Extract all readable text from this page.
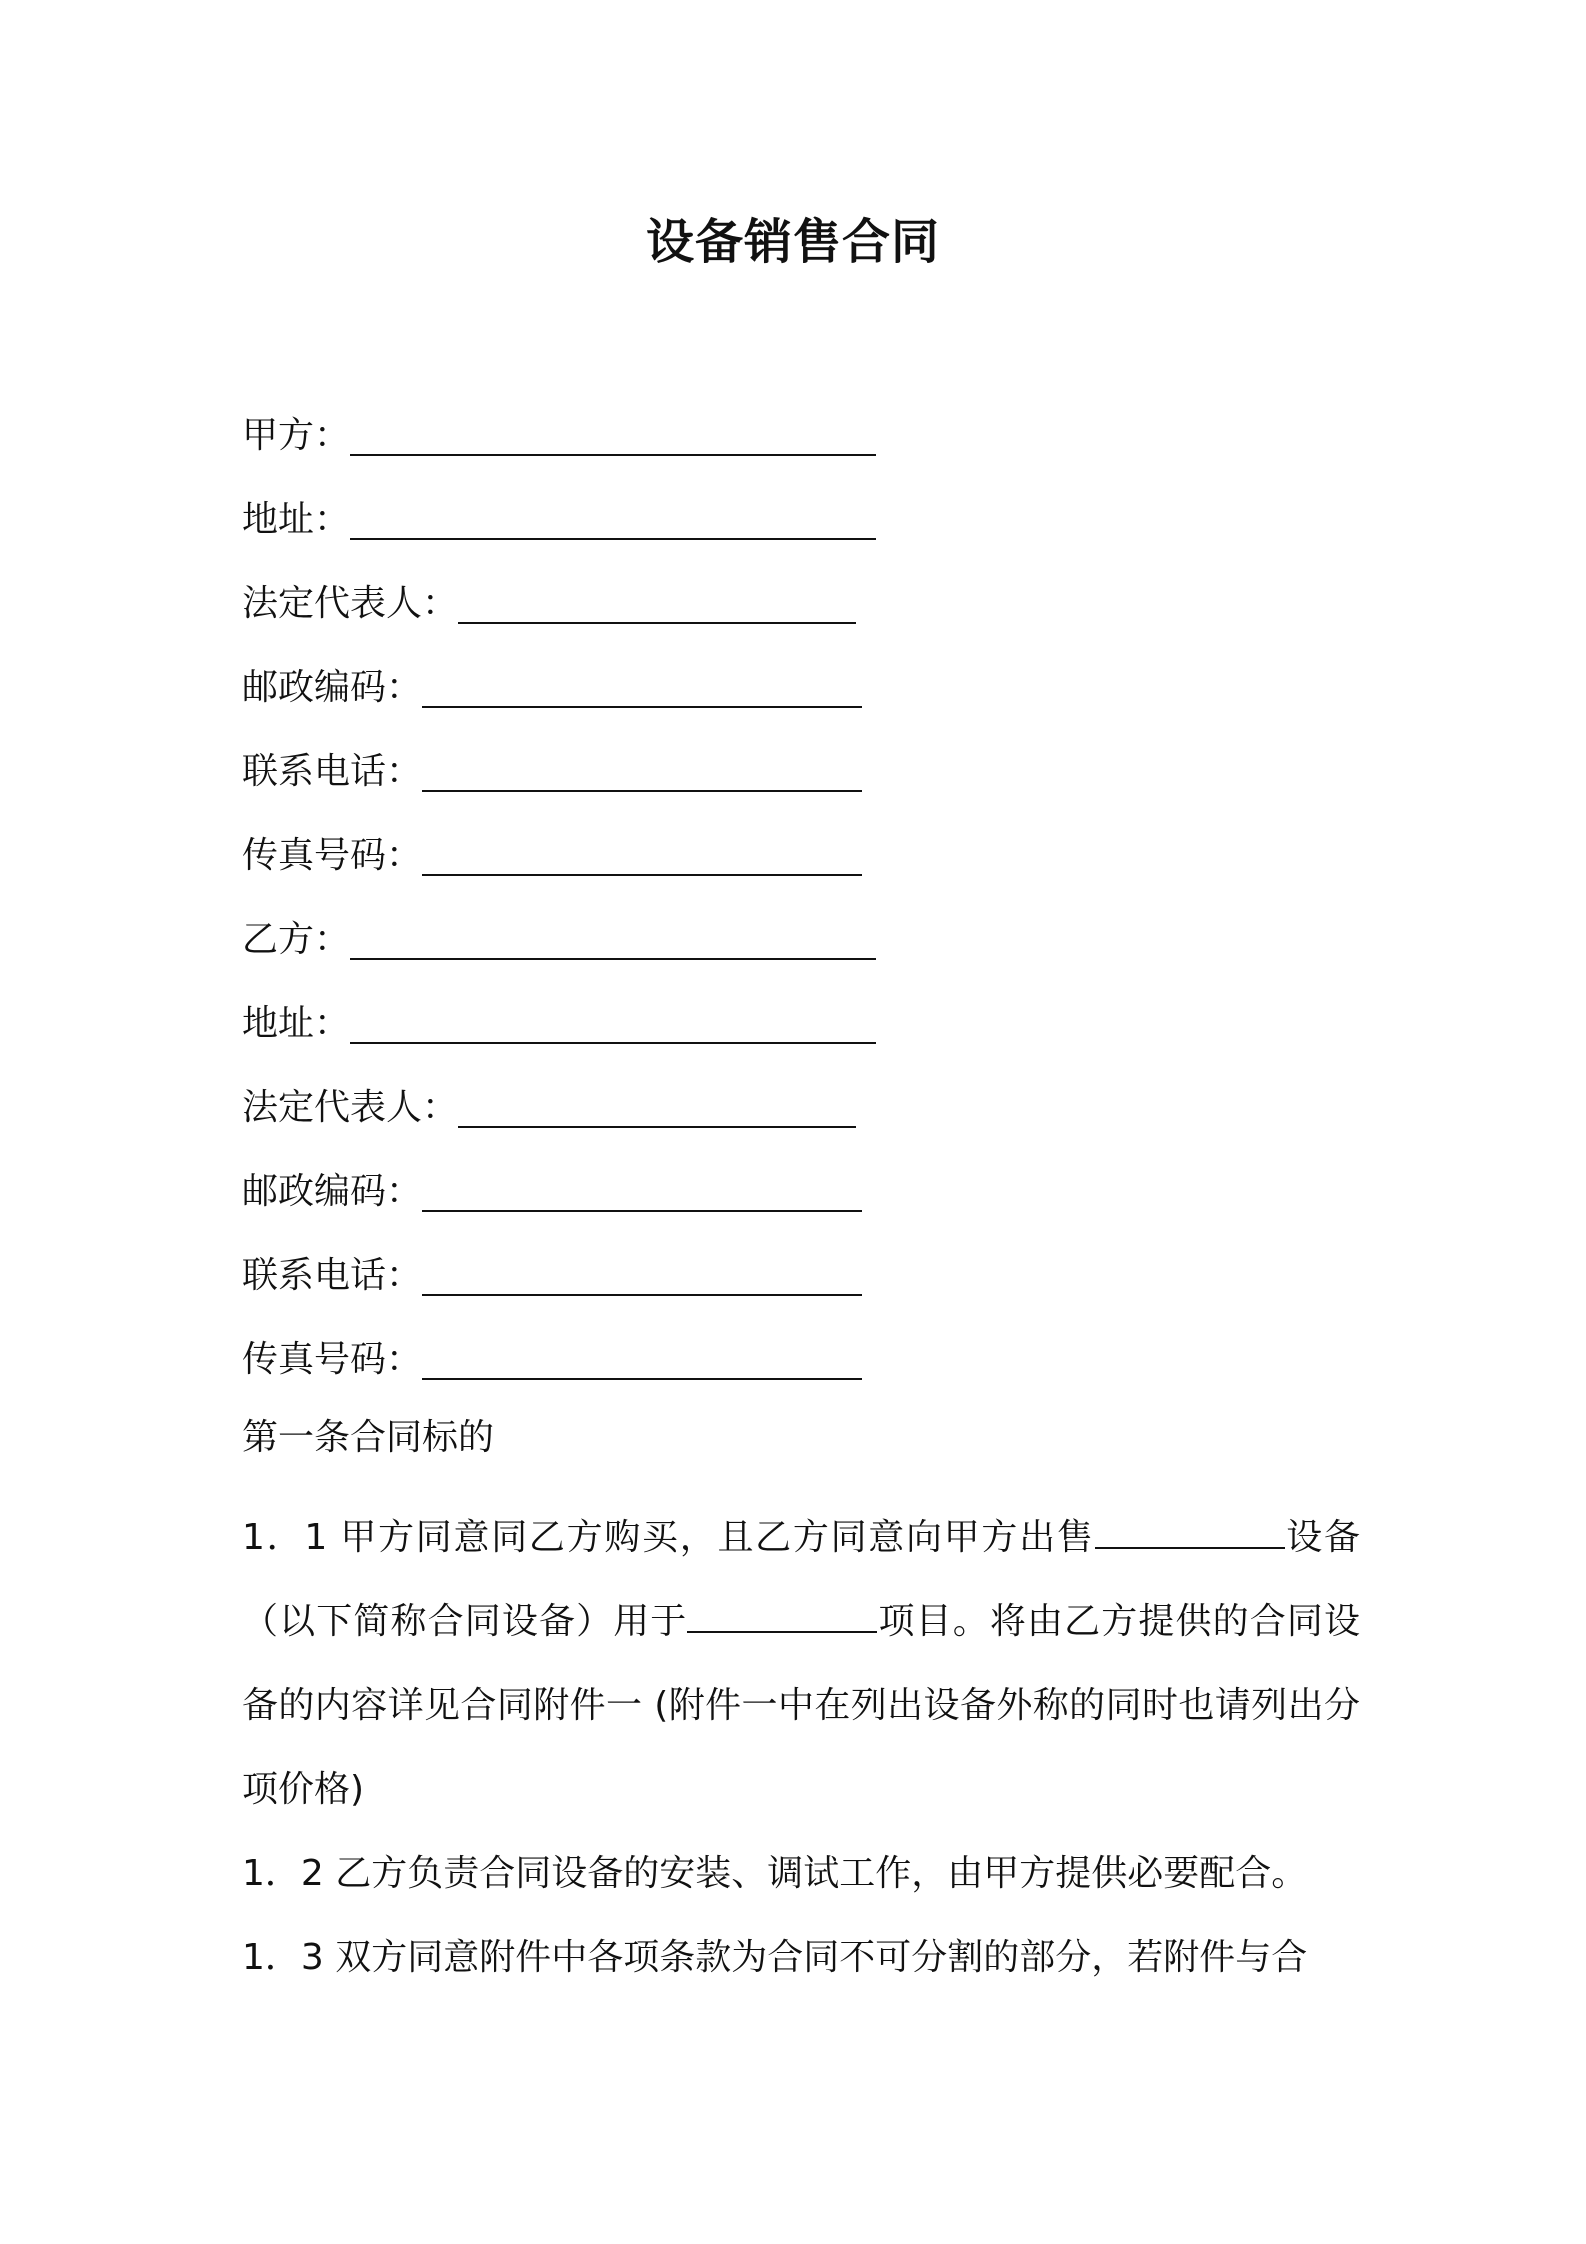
设备销售合同
甲方：
地址：
法定代表人：
邮政编码：
联系电话：
传真号码：
乙方：
地址：
法定代表人：
邮政编码：
联系电话：
传真号码：
第一条合同标的
1．1 甲方同意同乙方购买，且乙方同意向甲方出售	设备（以下简称合同设备）用于	项目。将由乙方提供的合同设备的内容详见合同附件一 (附件一中在列出设备外称的同时也请列出分项价格)
1．2 乙方负责合同设备的安装、调试工作，由甲方提供必要配合。
1．3 双方同意附件中各项条款为合同不可分割的部分，若附件与合
